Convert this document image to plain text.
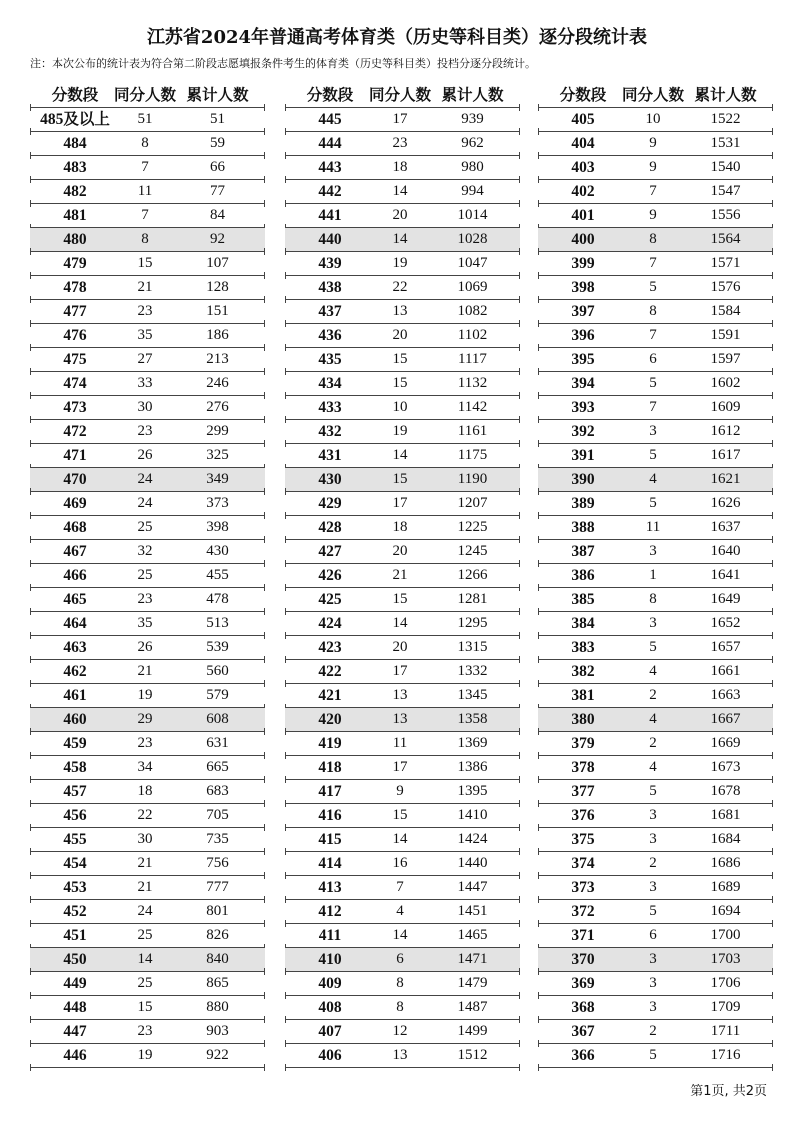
江苏省2024年普通高考体育类（历史等科目类）逐分段统计表
注：本次公布的统计表为符合第二阶段志愿填报条件考生的体育类（历史等科目类）投档分逐分段统计。
分数段	同分人数 累计人数
485及以上	51	51
484	8	59
483	7	66
482	11	77
481	7	84
480	8	92
479	15	107
478	21	128
477	23	151
476	35	186
475	27	213
474	33	246
473	30	276
472	23	299
471	26	325
470	24	349
469	24	373
468	25	398
467	32	430
466	25	455
465	23	478
464	35	513
463	26	539
462	21	560
461	19	579
460	29	608
459	23	631
458	34	665
457	18	683
456	22	705
455	30	735
454	21	756
453	21	777
452	24	801
451	25	826
450	14	840
449	25	865
448	15	880
447	23	903
446	19	922
分数段	同分人数 累计人数
445	17	939
444	23	962
443	18	980
442	14	994
441	20	1014
440	14	1028
439	19	1047
438	22	1069
437	13	1082
436	20	1102
435	15	1117
434	15	1132
433	10	1142
432	19	1161
431	14	1175
430	15	1190
429	17	1207
428	18	1225
427	20	1245
426	21	1266
425	15	1281
424	14	1295
423	20	1315
422	17	1332
421	13	1345
420	13	1358
419	11	1369
418	17	1386
417	9	1395
416	15	1410
415	14	1424
414	16	1440
413	7	1447
412	4	1451
411	14	1465
410	6	1471
409	8	1479
408	8	1487
407	12	1499
406	13	1512
分数段	同分人数 累计人数
405	10	1522
404	9	1531
403	9	1540
402	7	1547
401	9	1556
400	8	1564
399	7	1571
398	5	1576
397	8	1584
396	7	1591
395	6	1597
394	5	1602
393	7	1609
392	3	1612
391	5	1617
390	4	1621
389	5	1626
388	11	1637
387	3	1640
386	1	1641
385	8	1649
384	3	1652
383	5	1657
382	4	1661
381	2	1663
380	4	1667
379	2	1669
378	4	1673
377	5	1678
376	3	1681
375	3	1684
374	2	1686
373	3	1689
372	5	1694
371	6	1700
370	3	1703
369	3	1706
368	3	1709
367	2	1711
366	5	1716
第1页, 共2页
